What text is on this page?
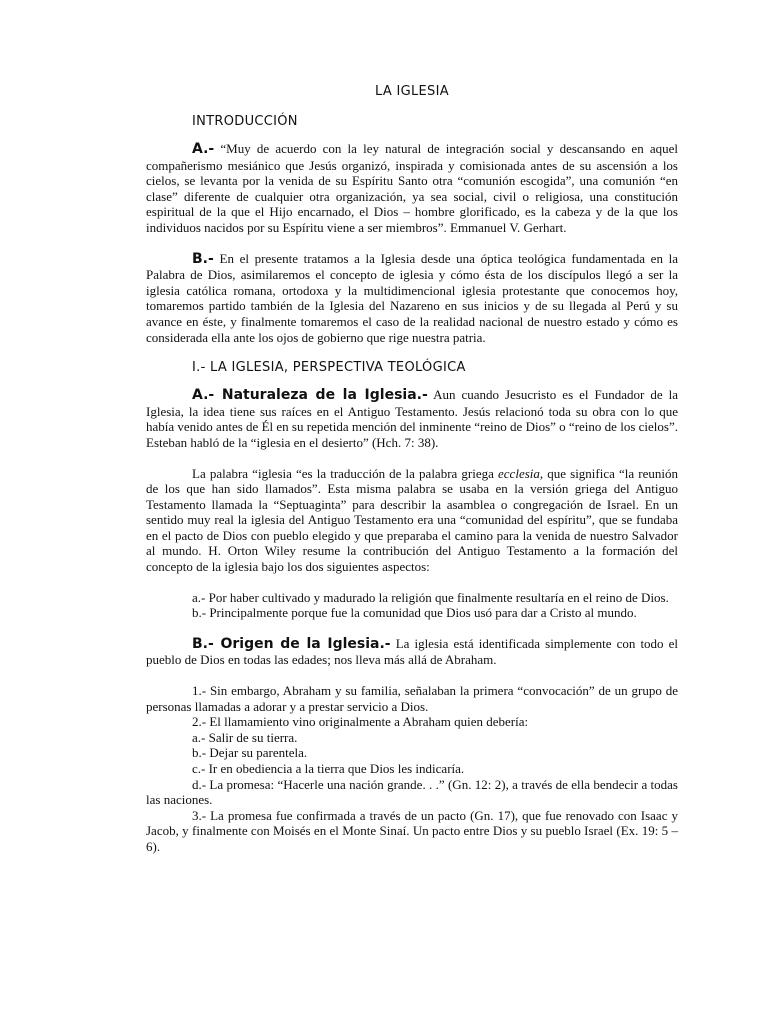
LA IGLESIA
INTRODUCCIÓN

A.- “Muy de acuerdo con la ley natural de integración social y descansando en aquel compañerismo mesiánico que Jesús organizó, inspirada y comisionada antes de su ascensión a los cielos, se levanta por la venida de su Espíritu Santo otra “comunión escogida”, una comunión “en clase” diferente de cualquier otra organización, ya sea social, civil o religiosa, una constitución espiritual de la que el Hijo encarnado, el Dios – hombre glorificado, es la cabeza y de la que los individuos nacidos por su Espíritu viene a ser miembros”. Emmanuel V. Gerhart.

B.- En el presente tratamos a la Iglesia desde una óptica teológica fundamentada en la Palabra de Dios, asimilaremos el concepto de iglesia y cómo ésta de los discípulos llegó a ser la iglesia católica romana, ortodoxa y la multidimencional iglesia protestante que conocemos hoy, tomaremos partido también de la Iglesia del Nazareno en sus inicios y de su llegada al Perú y su avance en éste, y finalmente tomaremos el caso de la realidad nacional de nuestro estado y cómo es considerada ella ante los ojos de gobierno que rige nuestra patria.

I.- LA IGLESIA, PERSPECTIVA TEOLÓGICA

A.- Naturaleza de la Iglesia.- Aun cuando Jesucristo es el Fundador de la Iglesia, la idea tiene sus raíces en el Antiguo Testamento. Jesús relacionó toda su obra con lo que había venido antes de Él en su repetida mención del inminente “reino de Dios” o “reino de los cielos”. Esteban habló de la “iglesia en el desierto” (Hch. 7: 38).

La palabra “iglesia “es la traducción de la palabra griega ecclesia, que significa “la reunión de los que han sido llamados”. Esta misma palabra se usaba en la versión griega del Antiguo Testamento llamada la “Septuaginta” para describir la asamblea o congregación de Israel. En un sentido muy real la iglesia del Antiguo Testamento era una “comunidad del espíritu”, que se fundaba en el pacto de Dios con pueblo elegido y que preparaba el camino para la venida de nuestro Salvador al mundo. H. Orton Wiley resume la contribución del Antiguo Testamento a la formación del concepto de la iglesia bajo los dos siguientes aspectos:

a.- Por haber cultivado y madurado la religión que finalmente resultaría en el reino de Dios.

b.- Principalmente porque fue la comunidad que Dios usó para dar a Cristo al mundo.

B.- Origen de la Iglesia.- La iglesia está identificada simplemente con todo el pueblo de Dios en todas las edades; nos lleva más allá de Abraham.

1.- Sin embargo, Abraham y su familia, señalaban la primera “convocación” de un grupo de personas llamadas a adorar y a prestar servicio a Dios.

2.- El llamamiento vino originalmente a Abraham quien debería:

a.- Salir de su tierra.

b.- Dejar su parentela.

c.- Ir en obediencia a la tierra que Dios les indicaría.

d.- La promesa: “Hacerle una nación grande. . .” (Gn. 12: 2), a través de ella bendecir a todas las naciones.

3.- La promesa fue confirmada a través de un pacto (Gn. 17), que fue renovado con Isaac y Jacob, y finalmente con Moisés en el Monte Sinaí. Un pacto entre Dios y su pueblo Israel (Ex. 19: 5 – 6).
